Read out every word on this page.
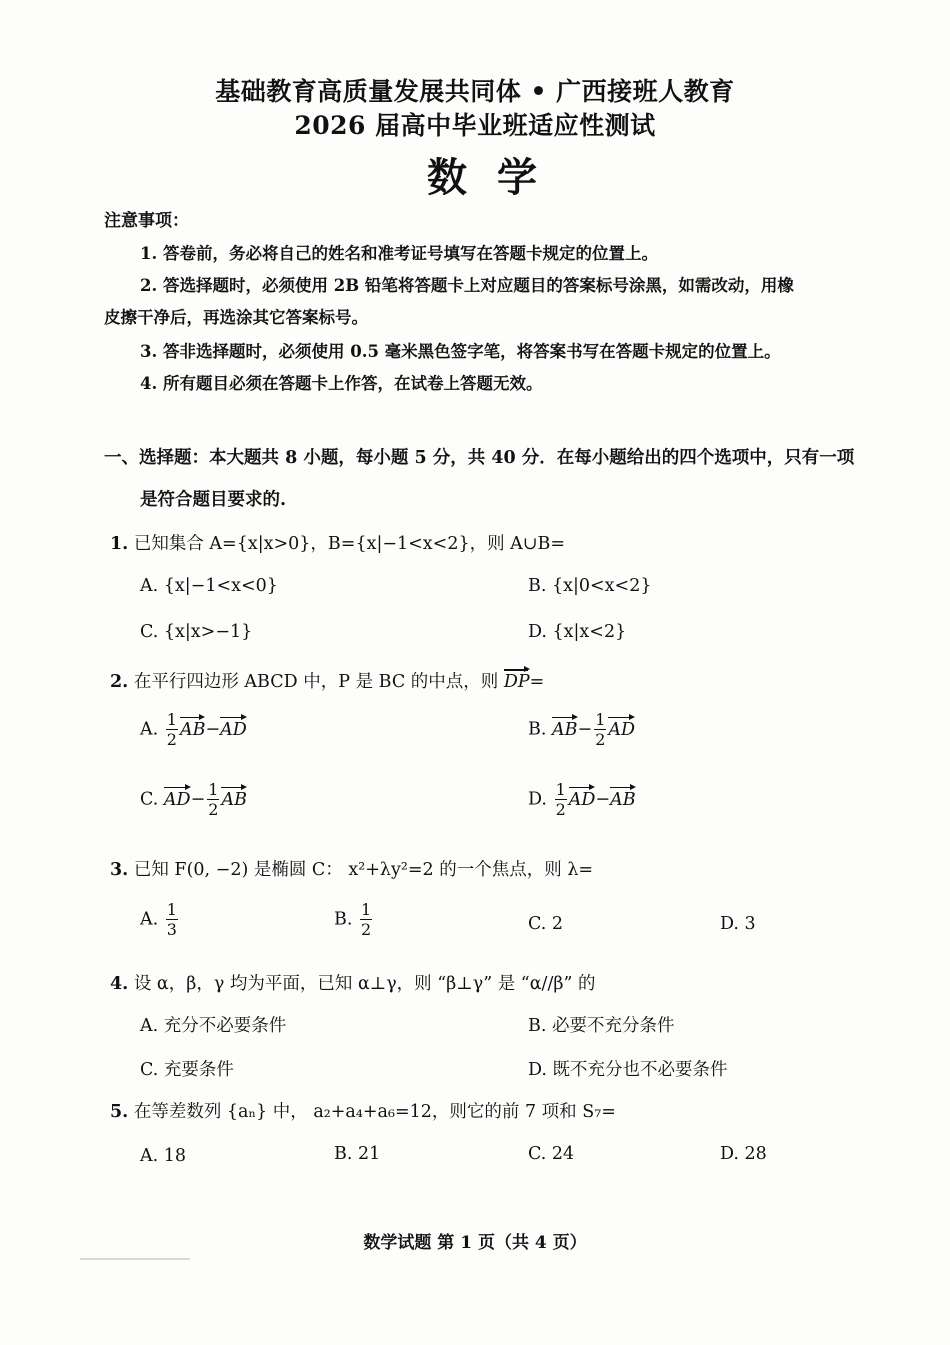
基础教育高质量发展共同体 • 广西接班人教育
2026 届高中毕业班适应性测试
数学
注意事项：
1. 答卷前，务必将自己的姓名和准考证号填写在答题卡规定的位置上。
2. 答选择题时，必须使用 2B 铅笔将答题卡上对应题目的答案标号涂黑，如需改动，用橡
皮擦干净后，再选涂其它答案标号。
3. 答非选择题时，必须使用 0.5 毫米黑色签字笔，将答案书写在答题卡规定的位置上。
4. 所有题目必须在答题卡上作答，在试卷上答题无效。
一、选择题：本大题共 8 小题，每小题 5 分，共 40 分．在每小题给出的四个选项中，只有一项
是符合题目要求的.
1. 已知集合 A={x|x>0}，B={x|−1<x<2}，则 A∪B=
A. {x|−1<x<0}	B. {x|0<x<2}
C. {x|x>−1}	D. {x|x<2}
2. 在平行四边形 ABCD 中，P 是 BC 的中点，则 DP=
A. $\frac{1}{2} AB-AD$	B. $AB- \frac{1}{2}$ AD
C. $AD- \frac{1}{2}$ AB	D. $\frac{1}{2} AD-AB$
3. 已知 F(0, −2) 是椭圆 C： x²+λy²=2 的一个焦点，则 λ=
A. $\frac{1}{3}$	B. $\frac{1}{2}$	C. 2	D. 3
4. 设 α，β，γ 均为平面，已知 α⊥γ，则 “β⊥γ” 是 “α//β” 的
A. 充分不必要条件	B. 必要不充分条件
C. 充要条件	D. 既不充分也不必要条件
5. 在等差数列 {aₙ} 中， a₂+a₄+a₆=12，则它的前 7 项和 S₇=
A. 18	B. 21	C. 24	D. 28
数学试题 第 1 页（共 4 页）
